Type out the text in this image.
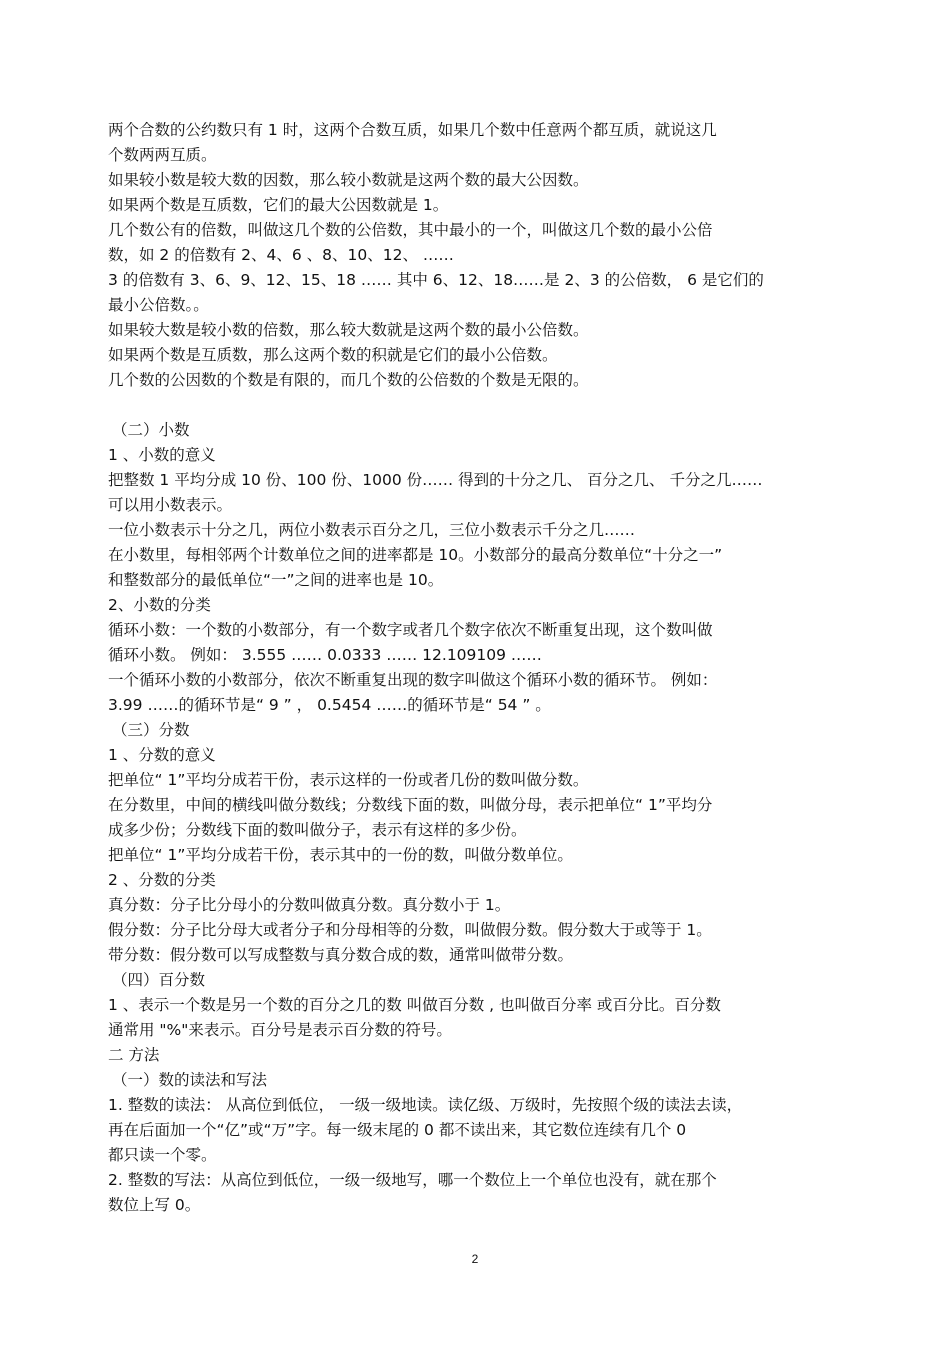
两个合数的公约数只有 1 时，这两个合数互质，如果几个数中任意两个都互质，就说这几
个数两两互质。
如果较小数是较大数的因数，那么较小数就是这两个数的最大公因数。
如果两个数是互质数，它们的最大公因数就是 1。
几个数公有的倍数，叫做这几个数的公倍数，其中最小的一个，叫做这几个数的最小公倍
数，如 2 的倍数有 2、4、6 、8、10、12、 ……
3 的倍数有 3、6、9、12、15、18 …… 其中 6、12、18……是 2、3 的公倍数， 6 是它们的
最小公倍数。。
如果较大数是较小数的倍数，那么较大数就是这两个数的最小公倍数。
如果两个数是互质数，那么这两个数的积就是它们的最小公倍数。
几个数的公因数的个数是有限的，而几个数的公倍数的个数是无限的。
（二）小数
1 、小数的意义
把整数 1 平均分成 10 份、100 份、1000 份…… 得到的十分之几、 百分之几、 千分之几……
可以用小数表示。
一位小数表示十分之几，两位小数表示百分之几，三位小数表示千分之几……
在小数里，每相邻两个计数单位之间的进率都是 10。小数部分的最高分数单位“十分之一”
和整数部分的最低单位“一”之间的进率也是 10。
2、小数的分类
循环小数：一个数的小数部分，有一个数字或者几个数字依次不断重复出现，这个数叫做
循环小数。 例如： 3.555 …… 0.0333 …… 12.109109 ……
一个循环小数的小数部分，依次不断重复出现的数字叫做这个循环小数的循环节。 例如：
3.99 ……的循环节是“ 9 ” ， 0.5454 ……的循环节是“ 54 ” 。
（三）分数
1 、分数的意义
把单位“ 1”平均分成若干份，表示这样的一份或者几份的数叫做分数。
在分数里，中间的横线叫做分数线；分数线下面的数，叫做分母，表示把单位“ 1”平均分
成多少份；分数线下面的数叫做分子，表示有这样的多少份。
把单位“ 1”平均分成若干份，表示其中的一份的数，叫做分数单位。
2 、分数的分类
真分数：分子比分母小的分数叫做真分数。真分数小于 1。
假分数：分子比分母大或者分子和分母相等的分数，叫做假分数。假分数大于或等于 1。
带分数：假分数可以写成整数与真分数合成的数，通常叫做带分数。
（四）百分数
1 、表示一个数是另一个数的百分之几的数 叫做百分数 , 也叫做百分率 或百分比。百分数
通常用 "%"来表示。百分号是表示百分数的符号。
二 方法
（一）数的读法和写法
1. 整数的读法： 从高位到低位， 一级一级地读。读亿级、万级时，先按照个级的读法去读，
再在后面加一个“亿”或“万”字。每一级末尾的 0 都不读出来，其它数位连续有几个 0
都只读一个零。
2. 整数的写法：从高位到低位，一级一级地写，哪一个数位上一个单位也没有，就在那个
数位上写 0。
2
